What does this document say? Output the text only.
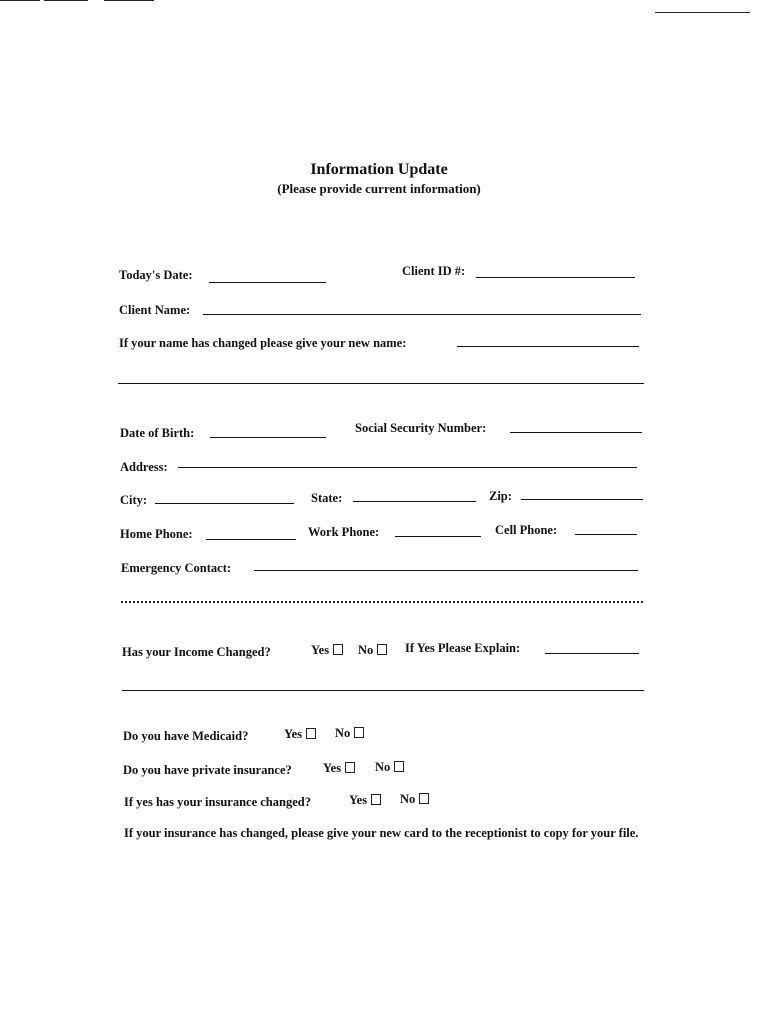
Information Update
(Please provide current information)
Today's Date:	Client ID #:
Client Name:
If your name has changed please give your new name:
Date of Birth:	Social Security Number:
Address:
City:	State:	Zip:
Home Phone:	Work Phone:	Cell Phone:
Emergency Contact:
Has your Income Changed?	Yes	No	If Yes Please Explain:
Do you have Medicaid?	Yes	No
Do you have private insurance?	Yes	No
If yes has your insurance changed?	Yes	No
If your insurance has changed, please give your new card to the receptionist to copy for your file.
